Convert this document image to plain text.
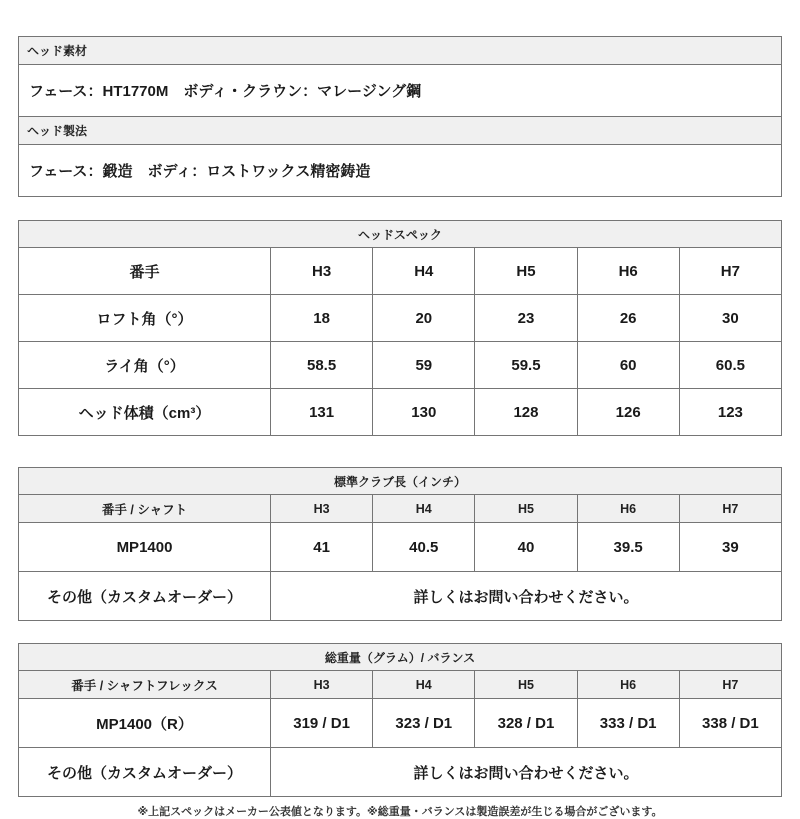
ヘッド素材
フェース：HT1770M　ボディ・クラウン：マレージング鋼
ヘッド製法
フェース：鍛造　ボディ：ロストワックス精密鋳造
ヘッドスペック					
番手	H3	H4	H5	H6	H7
ロフト角（°）	18	20	23	26	30
ライ角（°）	58.5	59	59.5	60	60.5
ヘッド体積（cm³）	131	130	128	126	123
標準クラブ長（インチ）					
番手 / シャフト	H3	H4	H5	H6	H7
MP1400	41	40.5	40	39.5	39
その他（カスタムオーダー）	詳しくはお問い合わせください。				
総重量（グラム）/ バランス					
番手 / シャフトフレックス	H3	H4	H5	H6	H7
MP1400（R）	319 / D1	323 / D1	328 / D1	333 / D1	338 / D1
その他（カスタムオーダー）	詳しくはお問い合わせください。				
※上記スペックはメーカー公表値となります。※総重量・バランスは製造誤差が生じる場合がございます。
